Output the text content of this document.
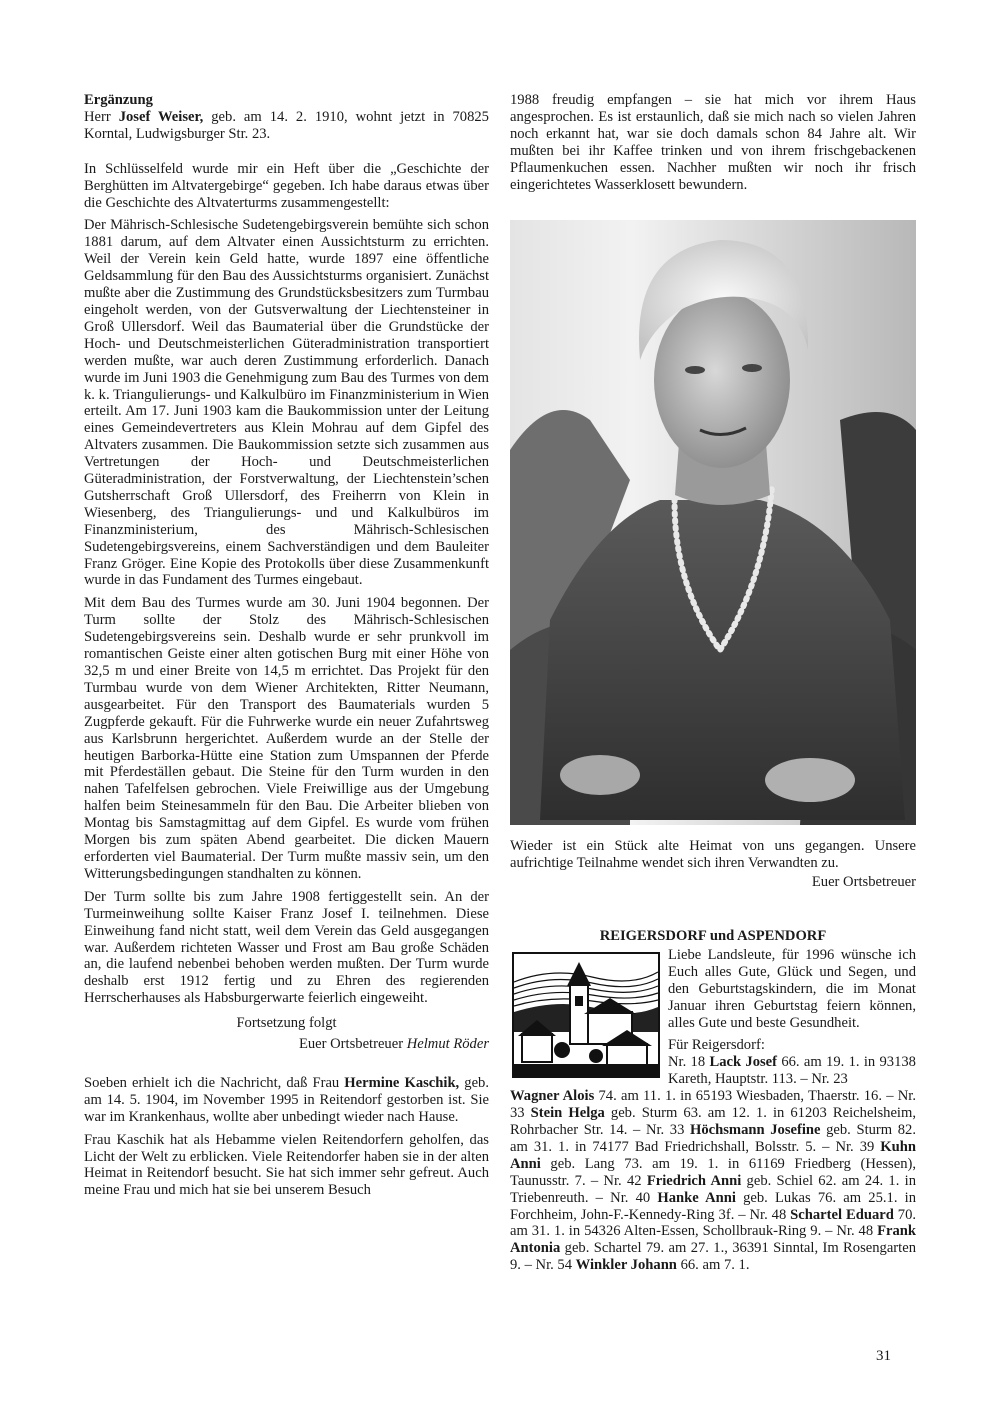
Ergänzung
Herr Josef Weiser, geb. am 14. 2. 1910, wohnt jetzt in 70825 Korntal, Ludwigsburger Str. 23.

In Schlüsselfeld wurde mir ein Heft über die „Geschichte der Berghütten im Altvatergebirge“ gegeben. Ich habe daraus etwas über die Geschichte des Altvaterturms zusammengestellt:

Der Mährisch-Schlesische Sudetengebirgsverein bemühte sich schon 1881 darum, auf dem Altvater einen Aussichtsturm zu errichten. Weil der Verein kein Geld hatte, wurde 1897 eine öffentliche Geldsammlung für den Bau des Aussichtsturms organisiert. Zunächst mußte aber die Zustimmung des Grundstücksbesitzers zum Turmbau eingeholt werden, von der Gutsverwaltung der Liechtensteiner in Groß Ullersdorf. Weil das Baumaterial über die Grundstücke der Hoch- und Deutschmeisterlichen Güteradministration transportiert werden mußte, war auch deren Zustimmung erforderlich. Danach wurde im Juni 1903 die Genehmigung zum Bau des Turmes von dem k. k. Triangulierungs- und Kalkulbüro im Finanzministerium in Wien erteilt. Am 17. Juni 1903 kam die Baukommission unter der Leitung eines Gemeindevertreters aus Klein Mohrau auf dem Gipfel des Altvaters zusammen. Die Baukommission setzte sich zusammen aus Vertretungen der Hoch- und Deutschmeisterlichen Güteradministration, der Forstverwaltung, der Liechtenstein’schen Gutsherrschaft Groß Ullersdorf, des Freiherrn von Klein in Wiesenberg, des Triangulierungs- und und Kalkulbüros im Finanzministerium, des Mährisch-Schlesischen Sudetengebirgsvereins, einem Sachverständigen und dem Bauleiter Franz Gröger. Eine Kopie des Protokolls über diese Zusammenkunft wurde in das Fundament des Turmes eingebaut.

Mit dem Bau des Turmes wurde am 30. Juni 1904 begonnen. Der Turm sollte der Stolz des Mährisch-Schlesischen Sudetengebirgsvereins sein. Deshalb wurde er sehr prunkvoll im romantischen Geiste einer alten gotischen Burg mit einer Höhe von 32,5 m und einer Breite von 14,5 m errichtet. Das Projekt für den Turmbau wurde von dem Wiener Architekten, Ritter Neumann, ausgearbeitet. Für den Transport des Baumaterials wurden 5 Zugpferde gekauft. Für die Fuhrwerke wurde ein neuer Zufahrtsweg aus Karlsbrunn hergerichtet. Außerdem wurde an der Stelle der heutigen Barborka-Hütte eine Station zum Umspannen der Pferde mit Pferdeställen gebaut. Die Steine für den Turm wurden in den nahen Tafelfelsen gebrochen. Viele Freiwillige aus der Umgebung halfen beim Steinesammeln für den Bau. Die Arbeiter blieben von Montag bis Samstagmittag auf dem Gipfel. Es wurde vom frühen Morgen bis zum späten Abend gearbeitet. Die dicken Mauern erforderten viel Baumaterial. Der Turm mußte massiv sein, um den Witterungsbedingungen standhalten zu können.

Der Turm sollte bis zum Jahre 1908 fertiggestellt sein. An der Turmeinweihung sollte Kaiser Franz Josef I. teilnehmen. Diese Einweihung fand nicht statt, weil dem Verein das Geld ausgegangen war. Außerdem richteten Wasser und Frost am Bau große Schäden an, die laufend nebenbei behoben werden mußten. Der Turm wurde deshalb erst 1912 fertig und zu Ehren des regierenden Herrscherhauses als Habsburgerwarte feierlich eingeweiht.

Fortsetzung folgt

Euer Ortsbetreuer Helmut Röder

Soeben erhielt ich die Nachricht, daß Frau Hermine Kaschik, geb. am 14. 5. 1904, im November 1995 in Reitendorf gestorben ist. Sie war im Krankenhaus, wollte aber unbedingt wieder nach Hause.

Frau Kaschik hat als Hebamme vielen Reitendorfern geholfen, das Licht der Welt zu erblicken. Viele Reitendorfer haben sie in der alten Heimat in Reitendorf besucht. Sie hat sich immer sehr gefreut. Auch meine Frau und mich hat sie bei unserem Besuch

1988 freudig empfangen – sie hat mich vor ihrem Haus angesprochen. Es ist erstaunlich, daß sie mich nach so vielen Jahren noch erkannt hat, war sie doch damals schon 84 Jahre alt. Wir mußten bei ihr Kaffee trinken und von ihrem frischgebackenen Pflaumenkuchen essen. Nachher mußten wir noch ihr frisch eingerichtetes Wasserklosett bewundern.

Wieder ist ein Stück alte Heimat von uns gegangen. Unsere aufrichtige Teilnahme wendet sich ihren Verwandten zu.

Euer Ortsbetreuer

REIGERSDORF und ASPENDORF

Liebe Landsleute, für 1996 wünsche ich Euch alles Gute, Glück und Segen, und den Geburtstagskindern, die im Monat Januar ihren Geburtstag feiern können, alles Gute und beste Gesundheit.

Für Reigersdorf:

Nr. 18 Lack Josef 66. am 19. 1. in 93138 Kareth, Hauptstr. 113. – Nr. 23

Wagner Alois 74. am 11. 1. in 65193 Wiesbaden, Thaerstr. 16. – Nr. 33 Stein Helga geb. Sturm 63. am 12. 1. in 61203 Reichelsheim, Rohrbacher Str. 14. – Nr. 33 Höchsmann Josefine geb. Sturm 82. am 31. 1. in 74177 Bad Friedrichshall, Bolsstr. 5. – Nr. 39 Kuhn Anni geb. Lang 73. am 19. 1. in 61169 Friedberg (Hessen), Taunusstr. 7. – Nr. 42 Friedrich Anni geb. Schiel 62. am 24. 1. in Triebenreuth. – Nr. 40 Hanke Anni geb. Lukas 76. am 25.1. in Forchheim, John-F.-Kennedy-Ring 3f. – Nr. 48 Schartel Eduard 70. am 31. 1. in 54326 Alten-Essen, Schollbrauk-Ring 9. – Nr. 48 Frank Antonia geb. Schartel 79. am 27. 1., 36391 Sinntal, Im Rosengarten 9. – Nr. 54 Winkler Johann 66. am 7. 1.

31
